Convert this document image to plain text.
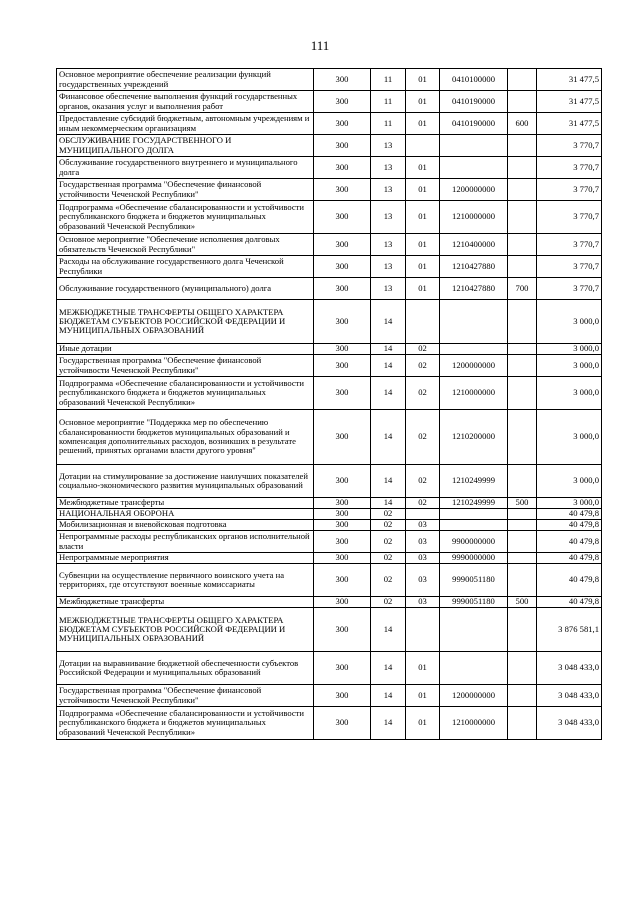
111
Основное мероприятие обеспечение реализации функций государственных учреждений	300	11	01	0410100000		31 477,5
Финансовое обеспечение выполнения функций государственных органов, оказания услуг и выполнения работ	300	11	01	0410190000		31 477,5
Предоставление субсидий бюджетным, автономным учреждениям и иным некоммерческим организациям	300	11	01	0410190000	600	31 477,5
ОБСЛУЖИВАНИЕ ГОСУДАРСТВЕННОГО И МУНИЦИПАЛЬНОГО ДОЛГА	300	13				3 770,7
Обслуживание государственного внутреннего и муниципального долга	300	13	01			3 770,7
Государственная программа "Обеспечение финансовой устойчивости Чеченской Республики"	300	13	01	1200000000		3 770,7
Подпрограмма «Обеспечение сбалансированности и устойчивости республиканского бюджета и бюджетов муниципальных образований Чеченской Республики»	300	13	01	1210000000		3 770,7
Основное мероприятие "Обеспечение исполнения долговых обязательств Чеченской Республики"	300	13	01	1210400000		3 770,7
Расходы на обслуживание государственного долга Чеченской Республики	300	13	01	1210427880		3 770,7
Обслуживание государственного (муниципального) долга	300	13	01	1210427880	700	3 770,7
МЕЖБЮДЖЕТНЫЕ ТРАНСФЕРТЫ ОБЩЕГО ХАРАКТЕРА БЮДЖЕТАМ СУБЪЕКТОВ РОССИЙСКОЙ ФЕДЕРАЦИИ И МУНИЦИПАЛЬНЫХ ОБРАЗОВАНИЙ	300	14				3 000,0
Иные дотации	300	14	02			3 000,0
Государственная программа "Обеспечение финансовой устойчивости Чеченской Республики"	300	14	02	1200000000		3 000,0
Подпрограмма «Обеспечение сбалансированности и устойчивости республиканского бюджета и бюджетов муниципальных образований Чеченской Республики»	300	14	02	1210000000		3 000,0
Основное мероприятие "Поддержка мер по обеспечению сбалансированности бюджетов муниципальных образований и компенсация дополнительных расходов, возникших в результате решений, принятых органами власти другого уровня"	300	14	02	1210200000		3 000,0
Дотации на стимулирование за достижение наилучших показателей социально-экономического развития муниципальных образований	300	14	02	1210249999		3 000,0
Межбюджетные трансферты	300	14	02	1210249999	500	3 000,0
НАЦИОНАЛЬНАЯ ОБОРОНА	300	02				40 479,8
Мобилизационная и вневойсковая подготовка	300	02	03			40 479,8
Непрограммные расходы республиканских органов исполнительной власти	300	02	03	9900000000		40 479,8
Непрограммные мероприятия	300	02	03	9990000000		40 479,8
Субвенции на осуществление первичного воинского учета на территориях, где отсутствуют военные комиссариаты	300	02	03	9990051180		40 479,8
Межбюджетные трансферты	300	02	03	9990051180	500	40 479,8
МЕЖБЮДЖЕТНЫЕ ТРАНСФЕРТЫ ОБЩЕГО ХАРАКТЕРА БЮДЖЕТАМ СУБЪЕКТОВ РОССИЙСКОЙ ФЕДЕРАЦИИ И МУНИЦИПАЛЬНЫХ ОБРАЗОВАНИЙ	300	14				3 876 581,1
Дотации на выравнивание бюджетной обеспеченности субъектов Российской Федерации и муниципальных образований	300	14	01			3 048 433,0
Государственная программа "Обеспечение финансовой устойчивости Чеченской Республики"	300	14	01	1200000000		3 048 433,0
Подпрограмма «Обеспечение сбалансированности и устойчивости республиканского бюджета и бюджетов муниципальных образований Чеченской Республики»	300	14	01	1210000000		3 048 433,0
